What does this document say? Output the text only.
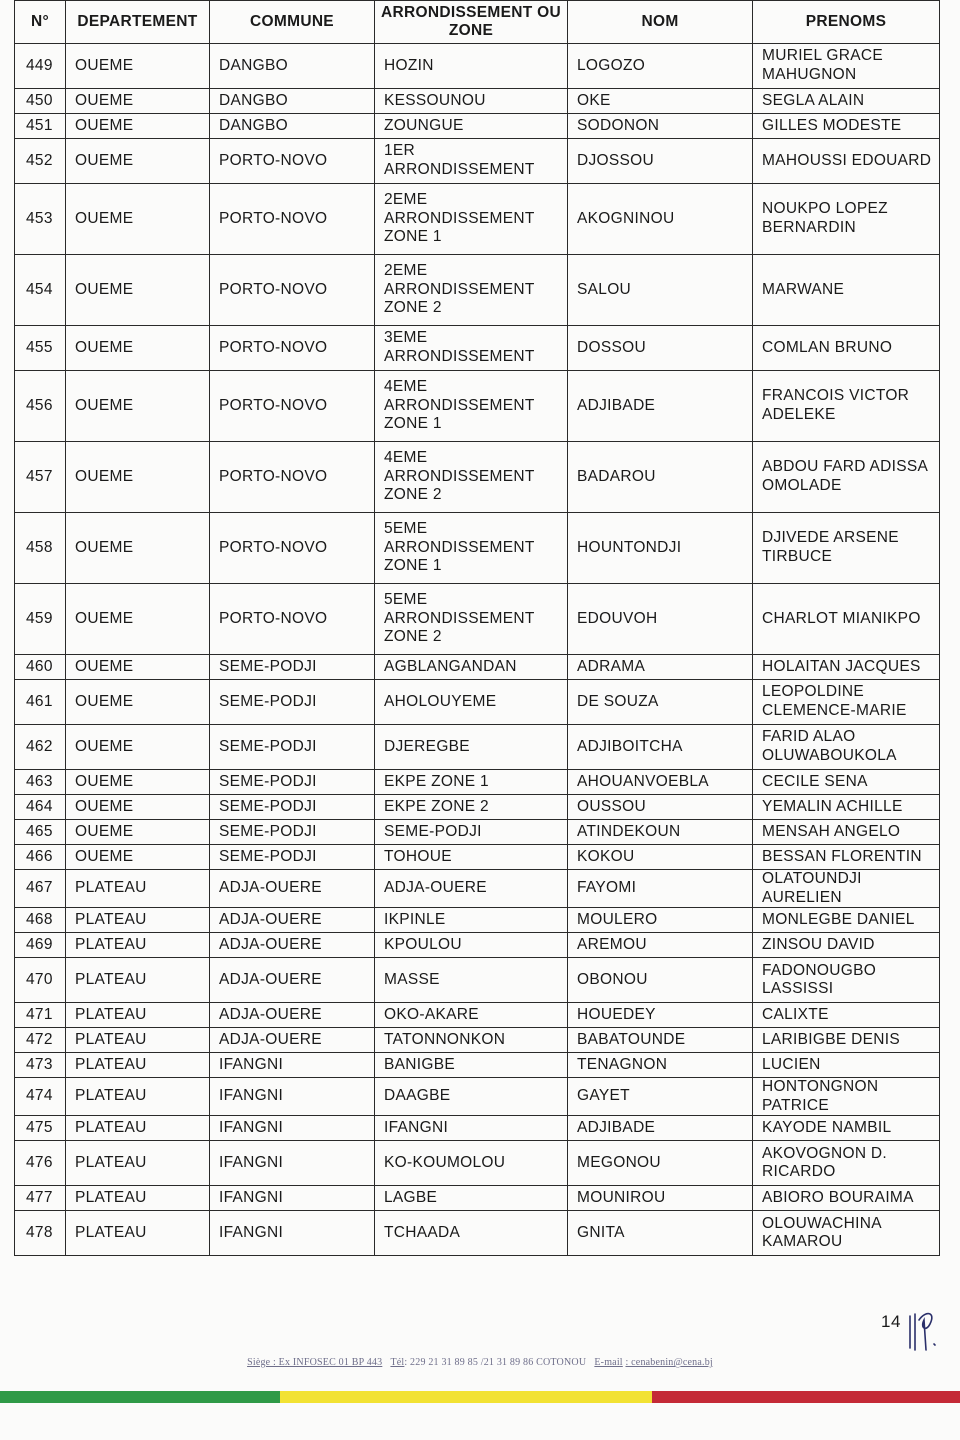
N°	DEPARTEMENT	COMMUNE	ARRONDISSEMENT OU ZONE	NOM	PRENOMS
449	OUEME	DANGBO	HOZIN	LOGOZO	MURIEL GRACE MAHUGNON
450	OUEME	DANGBO	KESSOUNOU	OKE	SEGLA ALAIN
451	OUEME	DANGBO	ZOUNGUE	SODONON	GILLES MODESTE
452	OUEME	PORTO-NOVO	1ER ARRONDISSEMENT	DJOSSOU	MAHOUSSI EDOUARD
453	OUEME	PORTO-NOVO	2EME ARRONDISSEMENT ZONE 1	AKOGNINOU	NOUKPO LOPEZ BERNARDIN
454	OUEME	PORTO-NOVO	2EME ARRONDISSEMENT ZONE 2	SALOU	MARWANE
455	OUEME	PORTO-NOVO	3EME ARRONDISSEMENT	DOSSOU	COMLAN BRUNO
456	OUEME	PORTO-NOVO	4EME ARRONDISSEMENT ZONE 1	ADJIBADE	FRANCOIS VICTOR ADELEKE
457	OUEME	PORTO-NOVO	4EME ARRONDISSEMENT ZONE 2	BADAROU	ABDOU FARD ADISSA OMOLADE
458	OUEME	PORTO-NOVO	5EME ARRONDISSEMENT ZONE 1	HOUNTONDJI	DJIVEDE ARSENE TIRBUCE
459	OUEME	PORTO-NOVO	5EME ARRONDISSEMENT ZONE 2	EDOUVOH	CHARLOT MIANIKPO
460	OUEME	SEME-PODJI	AGBLANGANDAN	ADRAMA	HOLAITAN JACQUES
461	OUEME	SEME-PODJI	AHOLOUYEME	DE SOUZA	LEOPOLDINE CLEMENCE-MARIE
462	OUEME	SEME-PODJI	DJEREGBE	ADJIBOITCHA	FARID ALAO OLUWABOUKOLA
463	OUEME	SEME-PODJI	EKPE ZONE 1	AHOUANVOEBLA	CECILE SENA
464	OUEME	SEME-PODJI	EKPE ZONE 2	OUSSOU	YEMALIN ACHILLE
465	OUEME	SEME-PODJI	SEME-PODJI	ATINDEKOUN	MENSAH ANGELO
466	OUEME	SEME-PODJI	TOHOUE	KOKOU	BESSAN FLORENTIN
467	PLATEAU	ADJA-OUERE	ADJA-OUERE	FAYOMI	OLATOUNDJI AURELIEN
468	PLATEAU	ADJA-OUERE	IKPINLE	MOULERO	MONLEGBE DANIEL
469	PLATEAU	ADJA-OUERE	KPOULOU	AREMOU	ZINSOU DAVID
470	PLATEAU	ADJA-OUERE	MASSE	OBONOU	FADONOUGBO LASSISSI
471	PLATEAU	ADJA-OUERE	OKO-AKARE	HOUEDEY	CALIXTE
472	PLATEAU	ADJA-OUERE	TATONNONKON	BABATOUNDE	LARIBIGBE DENIS
473	PLATEAU	IFANGNI	BANIGBE	TENAGNON	LUCIEN
474	PLATEAU	IFANGNI	DAAGBE	GAYET	HONTONGNON PATRICE
475	PLATEAU	IFANGNI	IFANGNI	ADJIBADE	KAYODE NAMBIL
476	PLATEAU	IFANGNI	KO-KOUMOLOU	MEGONOU	AKOVOGNON D. RICARDO
477	PLATEAU	IFANGNI	LAGBE	MOUNIROU	ABIORO BOURAIMA
478	PLATEAU	IFANGNI	TCHAADA	GNITA	OLOUWACHINA KAMAROU
14
Siège : Ex INFOSEC 01 BP 443 Tél: 229 21 31 89 85 /21 31 89 86 COTONOU E-mail : cenabenin@cena.bj
